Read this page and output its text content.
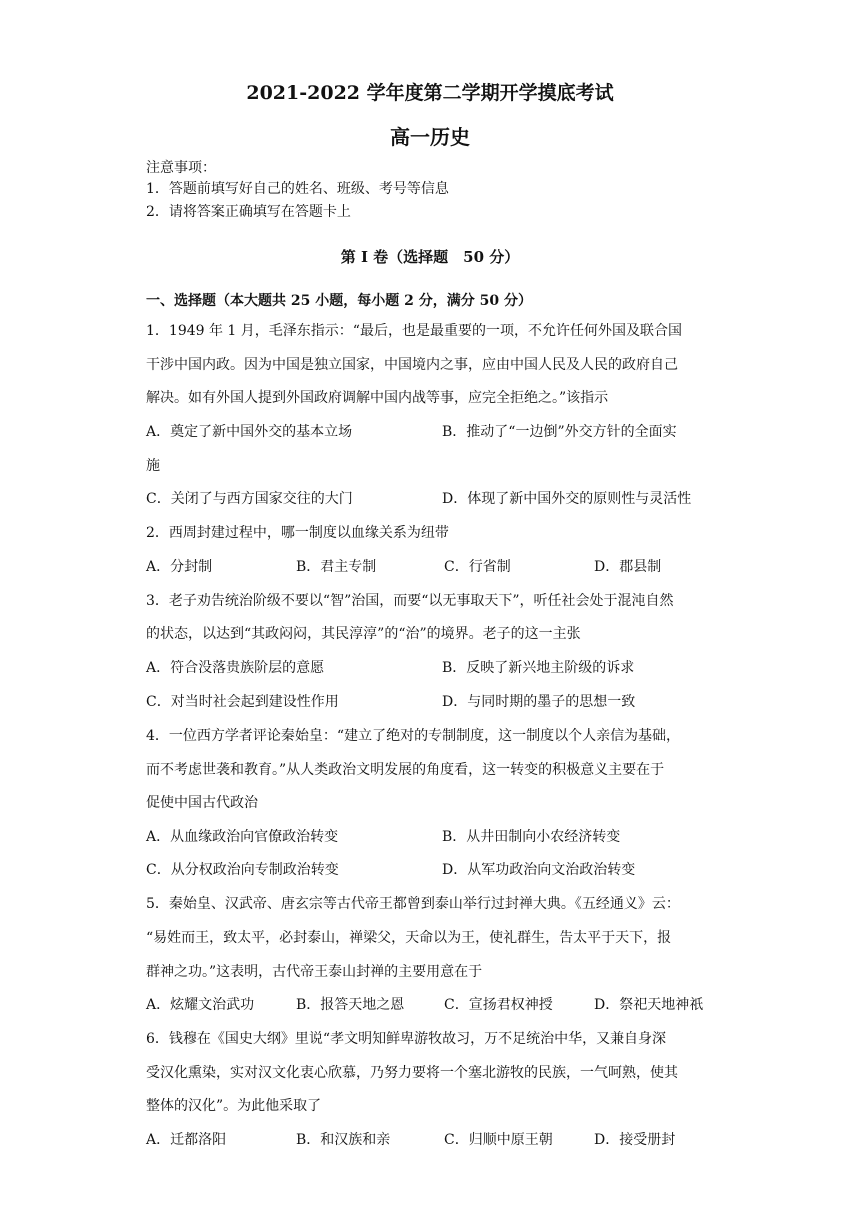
2021-2022 学年度第二学期开学摸底考试
高一历史
注意事项：
1．答题前填写好自己的姓名、班级、考号等信息
2．请将答案正确填写在答题卡上
第 I 卷（选择题　50 分）
一、选择题（本大题共 25 小题，每小题 2 分，满分 50 分）
1．1949 年 1 月，毛泽东指示：“最后，也是最重要的一项，不允许任何外国及联合国
干涉中国内政。因为中国是独立国家，中国境内之事，应由中国人民及人民的政府自己
解决。如有外国人提到外国政府调解中国内战等事，应完全拒绝之。”该指示
A．奠定了新中国外交的基本立场	B．推动了“一边倒”外交方针的全面实
施
C．关闭了与西方国家交往的大门	D．体现了新中国外交的原则性与灵活性
2．西周封建过程中，哪一制度以血缘关系为纽带
A．分封制	B．君主专制	C．行省制	D．郡县制
3．老子劝告统治阶级不要以“智”治国，而要“以无事取天下”，听任社会处于混沌自然
的状态，以达到“其政闷闷，其民淳淳”的“治”的境界。老子的这一主张
A．符合没落贵族阶层的意愿	B．反映了新兴地主阶级的诉求
C．对当时社会起到建设性作用	D．与同时期的墨子的思想一致
4．一位西方学者评论秦始皇：“建立了绝对的专制制度，这一制度以个人亲信为基础，
而不考虑世袭和教育。”从人类政治文明发展的角度看，这一转变的积极意义主要在于
促使中国古代政治
A．从血缘政治向官僚政治转变	B．从井田制向小农经济转变
C．从分权政治向专制政治转变	D．从军功政治向文治政治转变
5．秦始皇、汉武帝、唐玄宗等古代帝王都曾到泰山举行过封禅大典。《五经通义》云：
“易姓而王，致太平，必封泰山，禅梁父，天命以为王，使礼群生，告太平于天下，报
群神之功。”这表明，古代帝王泰山封禅的主要用意在于
A．炫耀文治武功	B．报答天地之恩	C．宣扬君权神授	D．祭祀天地神祇
6．钱穆在《国史大纲》里说“孝文明知鲜卑游牧故习，万不足统治中华，又兼自身深
受汉化熏染，实对汉文化衷心欣慕，乃努力要将一个塞北游牧的民族，一气呵熟，使其
整体的汉化”。为此他采取了
A．迁都洛阳	B．和汉族和亲	C．归顺中原王朝	D．接受册封
